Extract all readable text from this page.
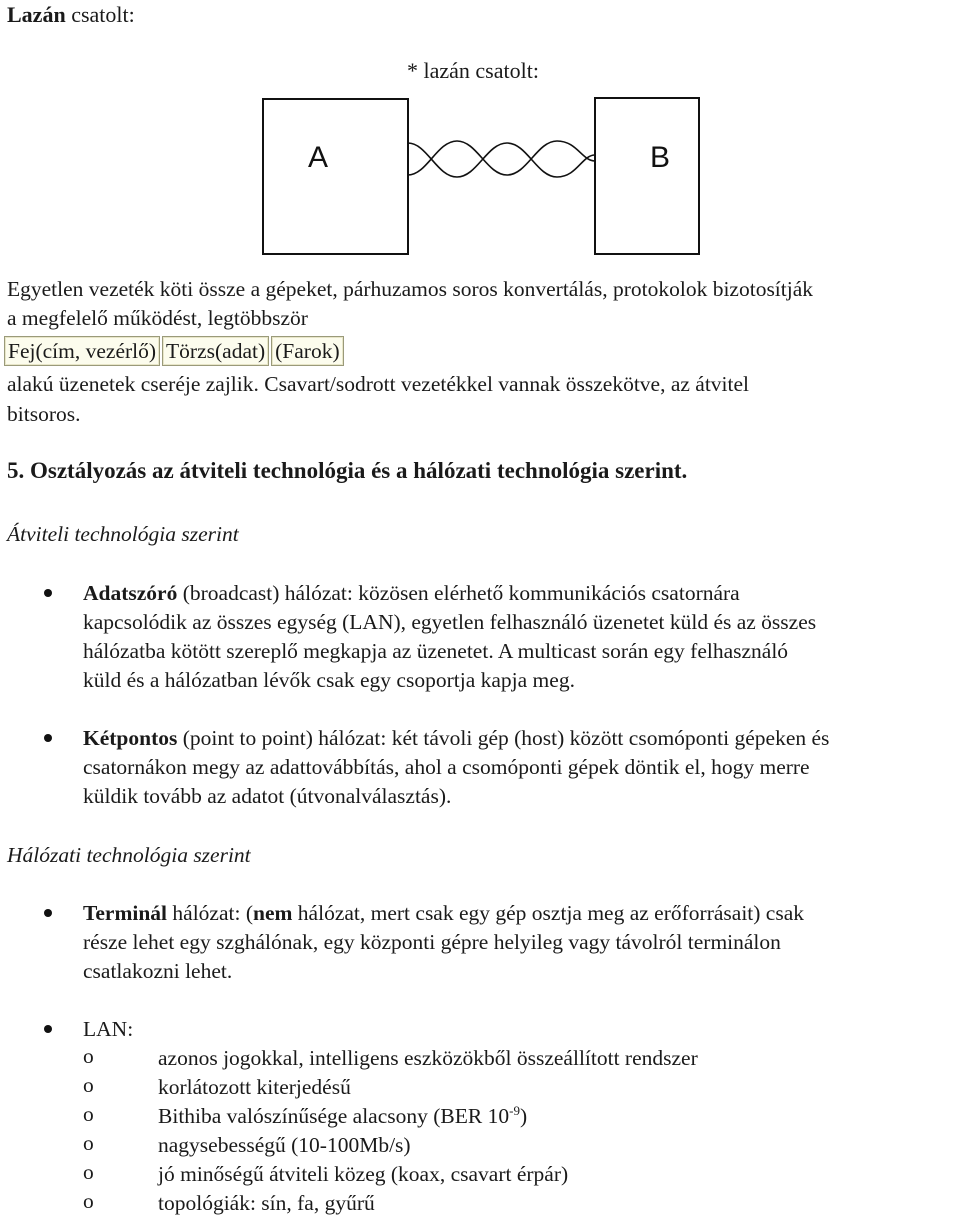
Lazán csatolt:
* lazán csatolt:
A	B
Egyetlen vezeték köti össze a gépeket, párhuzamos soros konvertálás, protokolok bizotosítják
a megfelelő működést, legtöbbször
Fej(cím, vezérlő) Törzs(adat) (Farok)
alakú üzenetek cseréje zajlik. Csavart/sodrott vezetékkel vannak összekötve, az átvitel
bitsoros.
5. Osztályozás az átviteli technológia és a hálózati technológia szerint.
Átviteli technológia szerint
Adatszóró (broadcast) hálózat: közösen elérhető kommunikációs csatornára
kapcsolódik az összes egység (LAN), egyetlen felhasználó üzenetet küld és az összes
hálózatba kötött szereplő megkapja az üzenetet. A multicast során egy felhasználó
küld és a hálózatban lévők csak egy csoportja kapja meg.
Kétpontos (point to point) hálózat: két távoli gép (host) között csomóponti gépeken és
csatornákon megy az adattovábbítás, ahol a csomóponti gépek döntik el, hogy merre
küldik tovább az adatot (útvonalválasztás).
Hálózati technológia szerint
Terminál hálózat: (nem hálózat, mert csak egy gép osztja meg az erőforrásait) csak
része lehet egy szghálónak, egy központi gépre helyileg vagy távolról terminálon
csatlakozni lehet.
LAN:
o	azonos jogokkal, intelligens eszközökből összeállított rendszer
o	korlátozott kiterjedésű
o	Bithiba valószínűsége alacsony (BER $10^{-9}$)
o	nagysebességű (10-100Mb/s)
o	jó minőségű átviteli közeg (koax, csavart érpár)
o	topológiák: sín, fa, gyűrű
